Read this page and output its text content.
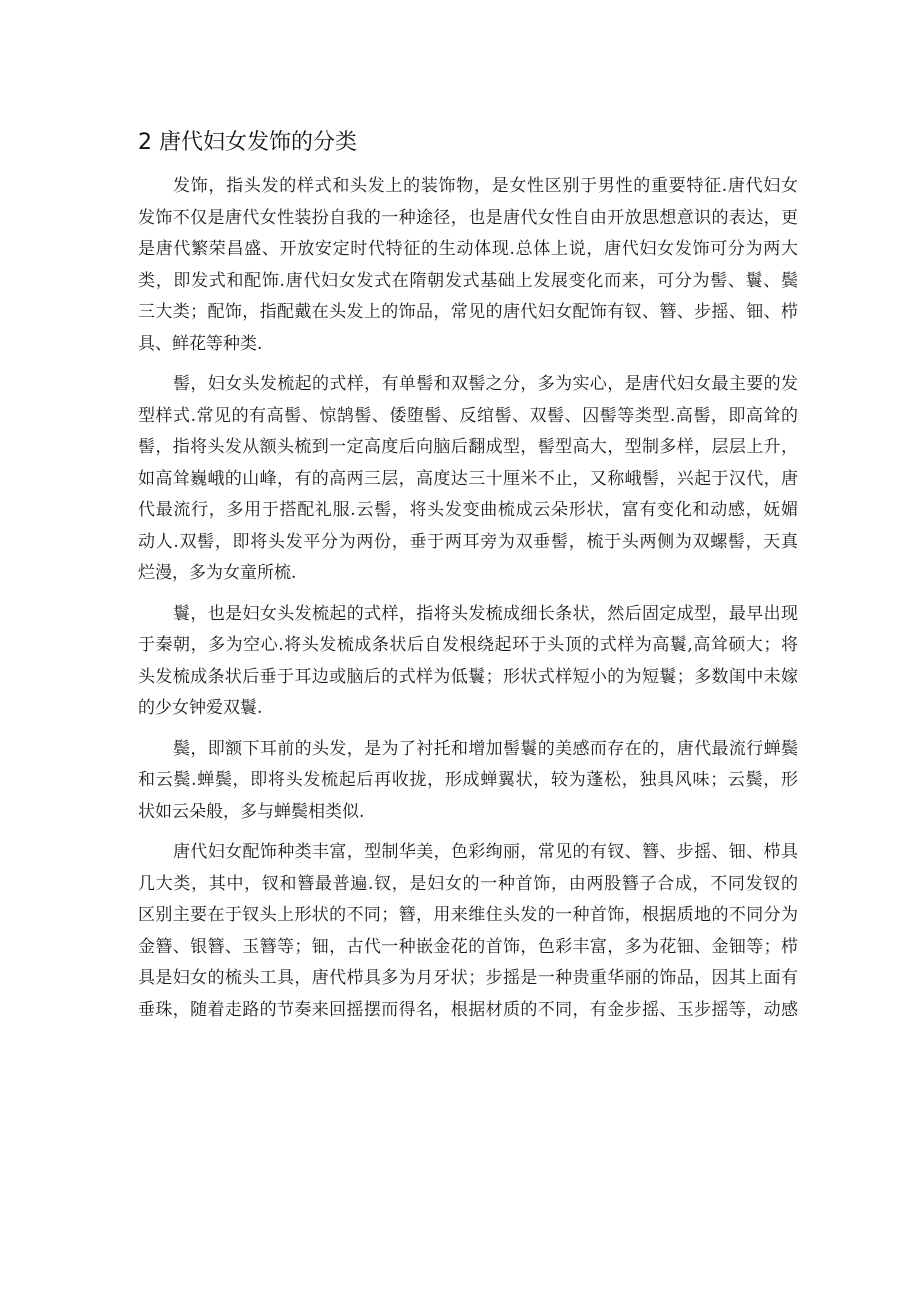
2 唐代妇女发饰的分类
发饰，指头发的样式和头发上的装饰物，是女性区别于男性的重要特征.唐代妇女
发饰不仅是唐代女性装扮自我的一种途径，也是唐代女性自由开放思想意识的表达，更
是唐代繁荣昌盛、开放安定时代特征的生动体现.总体上说，唐代妇女发饰可分为两大
类，即发式和配饰.唐代妇女发式在隋朝发式基础上发展变化而来，可分为髻、鬟、鬓
三大类；配饰，指配戴在头发上的饰品，常见的唐代妇女配饰有钗、簪、步摇、钿、栉
具、鲜花等种类.
髻，妇女头发梳起的式样，有单髻和双髻之分，多为实心，是唐代妇女最主要的发
型样式.常见的有高髻、惊鹄髻、倭堕髻、反绾髻、双髻、囚髻等类型.高髻，即高耸的
髻，指将头发从额头梳到一定高度后向脑后翻成型，髻型高大，型制多样，层层上升，
如高耸巍峨的山峰，有的高两三层，高度达三十厘米不止，又称峨髻，兴起于汉代，唐
代最流行，多用于搭配礼服.云髻，将头发变曲梳成云朵形状，富有变化和动感，妩媚
动人.双髻，即将头发平分为两份，垂于两耳旁为双垂髻，梳于头两侧为双螺髻，天真
烂漫，多为女童所梳.
鬟，也是妇女头发梳起的式样，指将头发梳成细长条状，然后固定成型，最早出现
于秦朝，多为空心.将头发梳成条状后自发根绕起环于头顶的式样为高鬟,高耸硕大；将
头发梳成条状后垂于耳边或脑后的式样为低鬟；形状式样短小的为短鬟；多数闺中未嫁
的少女钟爱双鬟.
鬓，即额下耳前的头发，是为了衬托和增加髻鬟的美感而存在的，唐代最流行蝉鬓
和云鬓.蝉鬓，即将头发梳起后再收拢，形成蝉翼状，较为蓬松，独具风味；云鬓，形
状如云朵般，多与蝉鬓相类似.
唐代妇女配饰种类丰富，型制华美，色彩绚丽，常见的有钗、簪、步摇、钿、栉具
几大类，其中，钗和簪最普遍.钗，是妇女的一种首饰，由两股簪子合成，不同发钗的
区别主要在于钗头上形状的不同；簪，用来维住头发的一种首饰，根据质地的不同分为
金簪、银簪、玉簪等；钿，古代一种嵌金花的首饰，色彩丰富，多为花钿、金钿等；栉
具是妇女的梳头工具，唐代栉具多为月牙状；步摇是一种贵重华丽的饰品，因其上面有
垂珠，随着走路的节奏来回摇摆而得名，根据材质的不同，有金步摇、玉步摇等，动感
